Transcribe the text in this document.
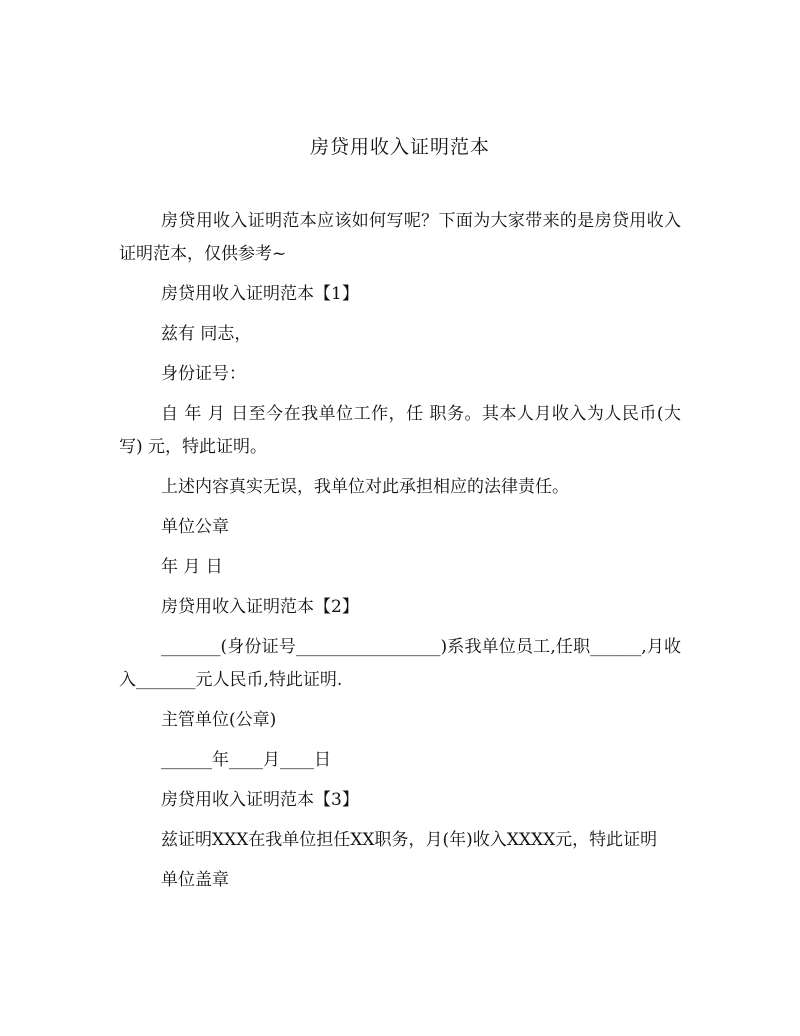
房贷用收入证明范本

房贷用收入证明范本应该如何写呢？下面为大家带来的是房贷用收入证明范本，仅供参考~

房贷用收入证明范本【1】

兹有 同志，

身份证号：

自 年 月 日至今在我单位工作，任 职务。其本人月收入为人民币(大写) 元，特此证明。

上述内容真实无误，我单位对此承担相应的法律责任。

单位公章

年 月 日

房贷用收入证明范本【2】

_______(身份证号_________________)系我单位员工,任职______,月收入_______元人民币,特此证明.

主管单位(公章)

______年____月____日

房贷用收入证明范本【3】

兹证明XXX在我单位担任XX职务，月(年)收入XXXX元，特此证明

单位盖章
